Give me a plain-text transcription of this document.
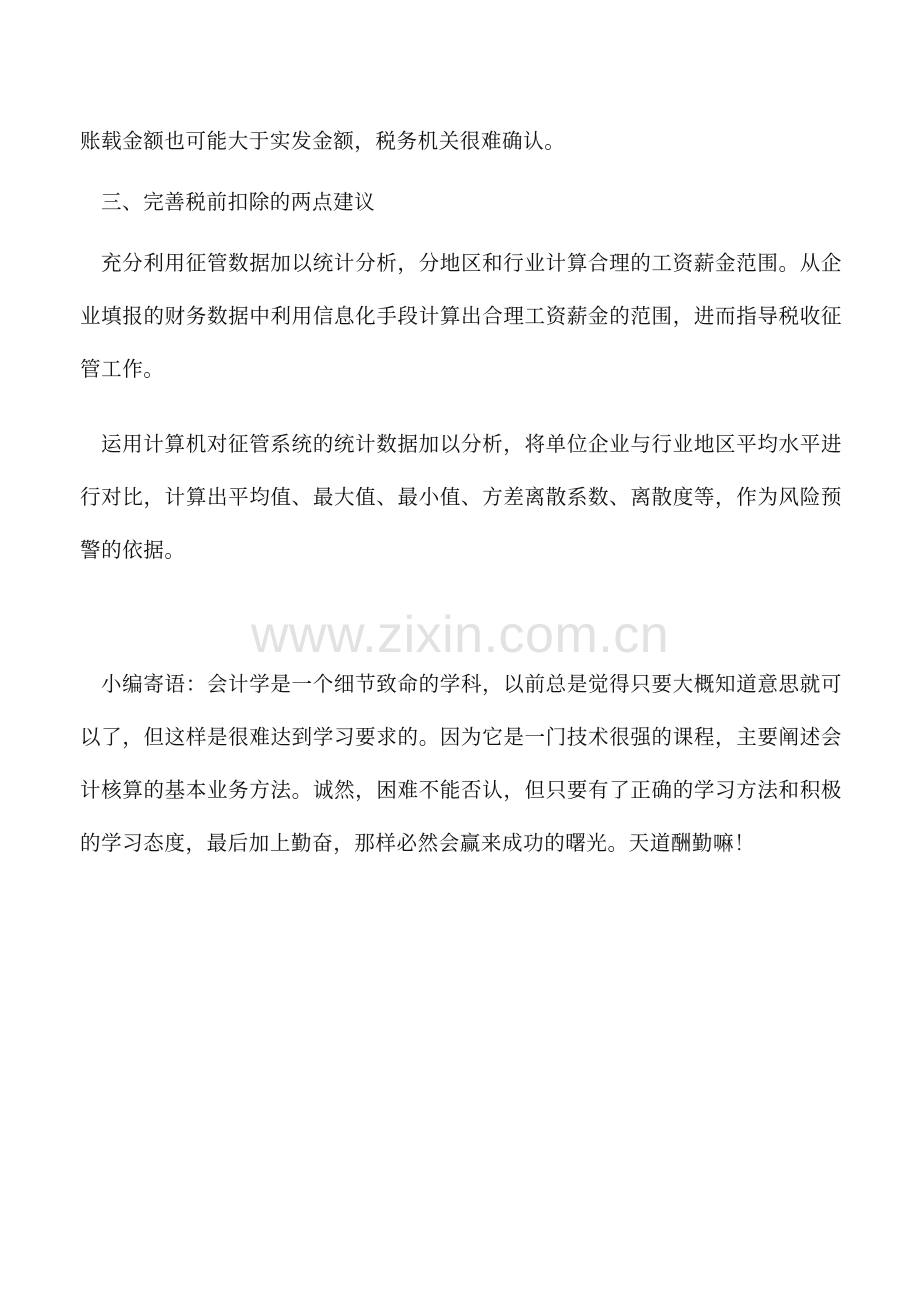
www.zixin.com.cn

账载金额也可能大于实发金额，税务机关很难确认。

三、完善税前扣除的两点建议

充分利用征管数据加以统计分析，分地区和行业计算合理的工资薪金范围。从企业填报的财务数据中利用信息化手段计算出合理工资薪金的范围，进而指导税收征管工作。

运用计算机对征管系统的统计数据加以分析，将单位企业与行业地区平均水平进行对比，计算出平均值、最大值、最小值、方差离散系数、离散度等，作为风险预警的依据。

小编寄语：会计学是一个细节致命的学科，以前总是觉得只要大概知道意思就可以了，但这样是很难达到学习要求的。因为它是一门技术很强的课程，主要阐述会计核算的基本业务方法。诚然，困难不能否认，但只要有了正确的学习方法和积极的学习态度，最后加上勤奋，那样必然会赢来成功的曙光。天道酬勤嘛！
